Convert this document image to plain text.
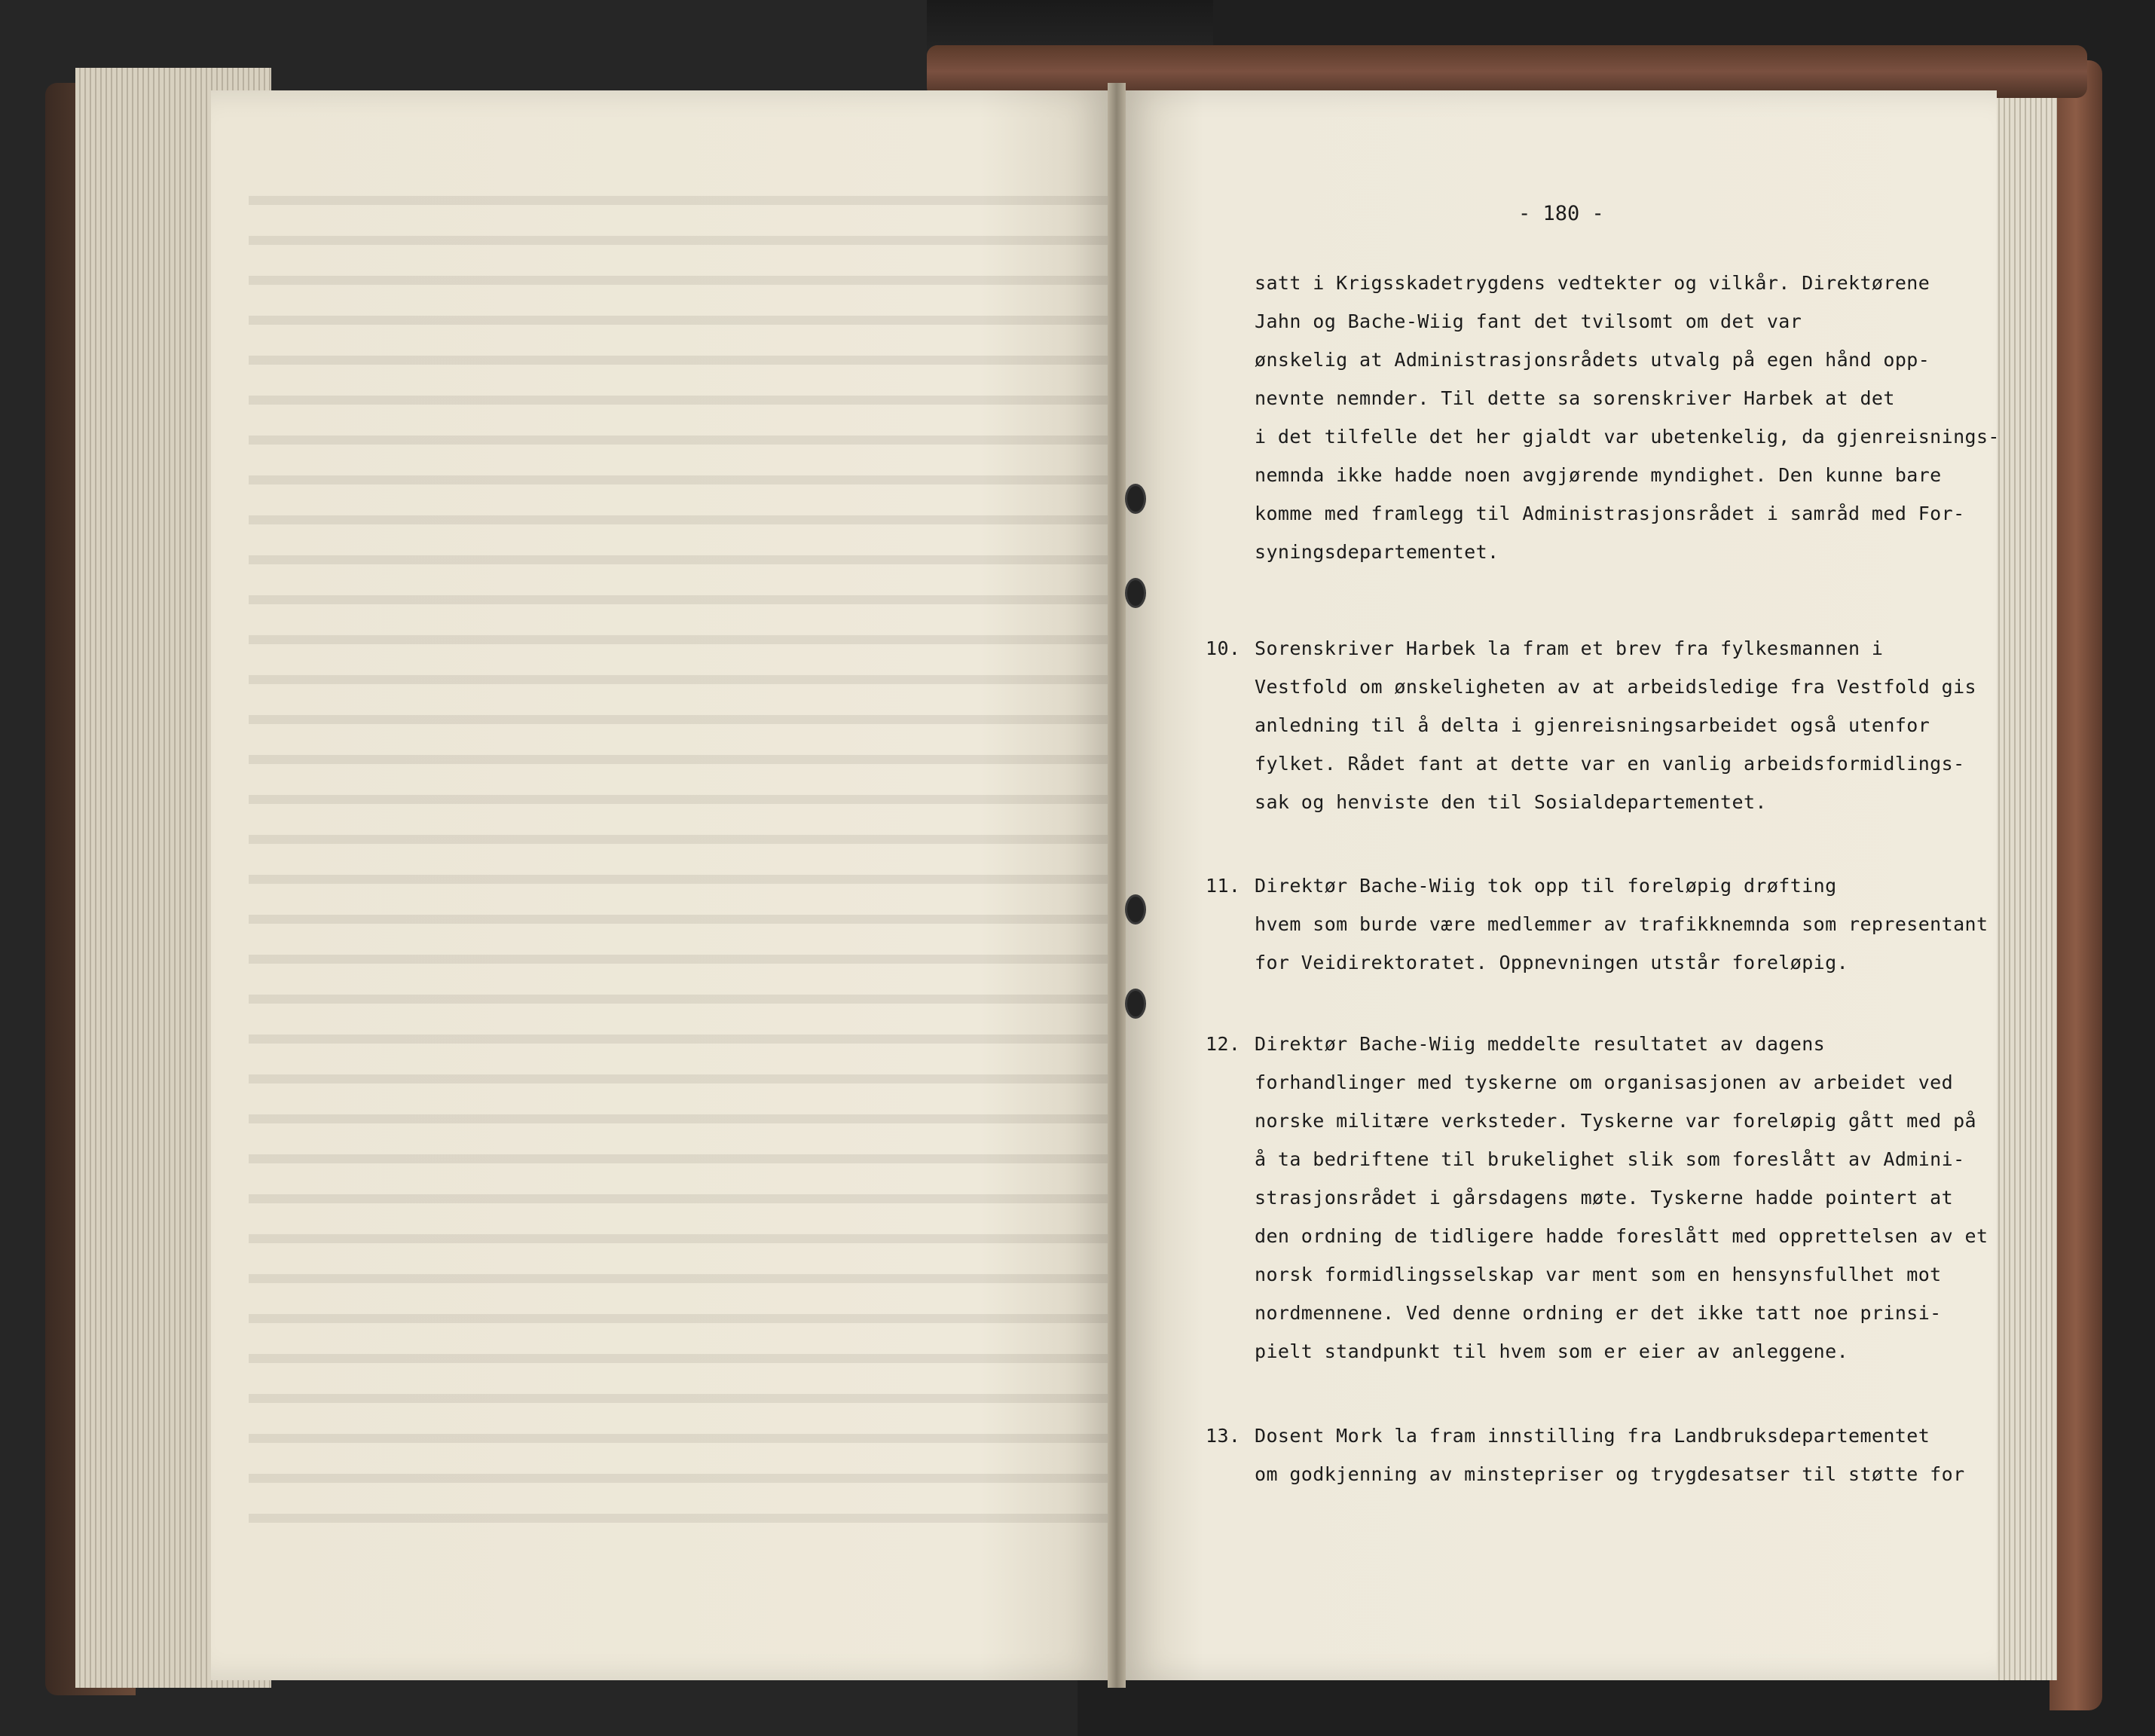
- 180 -
satt i Krigsskadetrygdens vedtekter og vilkår. Direktørene
Jahn og Bache-Wiig fant det tvilsomt om det var
ønskelig at Administrasjonsrådets utvalg på egen hånd opp-
nevnte nemnder. Til dette sa sorenskriver Harbek at det
i det tilfelle det her gjaldt var ubetenkelig, da gjenreisnings-
nemnda ikke hadde noen avgjørende myndighet. Den kunne bare
komme med framlegg til Administrasjonsrådet i samråd med For-
syningsdepartementet.
10. Sorenskriver Harbek la fram et brev fra fylkesmannen i
Vestfold om ønskeligheten av at arbeidsledige fra Vestfold gis
anledning til å delta i gjenreisningsarbeidet også utenfor
fylket. Rådet fant at dette var en vanlig arbeidsformidlings-
sak og henviste den til Sosialdepartementet.
11. Direktør Bache-Wiig tok opp til foreløpig drøfting
hvem som burde være medlemmer av trafikknemnda som representant
for Veidirektoratet. Oppnevningen utstår foreløpig.
12. Direktør Bache-Wiig meddelte resultatet av dagens
forhandlinger med tyskerne om organisasjonen av arbeidet ved
norske militære verksteder. Tyskerne var foreløpig gått med på
å ta bedriftene til brukelighet slik som foreslått av Admini-
strasjonsrådet i gårsdagens møte. Tyskerne hadde pointert at
den ordning de tidligere hadde foreslått med opprettelsen av et
norsk formidlingsselskap var ment som en hensynsfullhet mot
nordmennene. Ved denne ordning er det ikke tatt noe prinsi-
pielt standpunkt til hvem som er eier av anleggene.
13. Dosent Mork la fram innstilling fra Landbruksdepartementet
om godkjenning av minstepriser og trygdesatser til støtte for
